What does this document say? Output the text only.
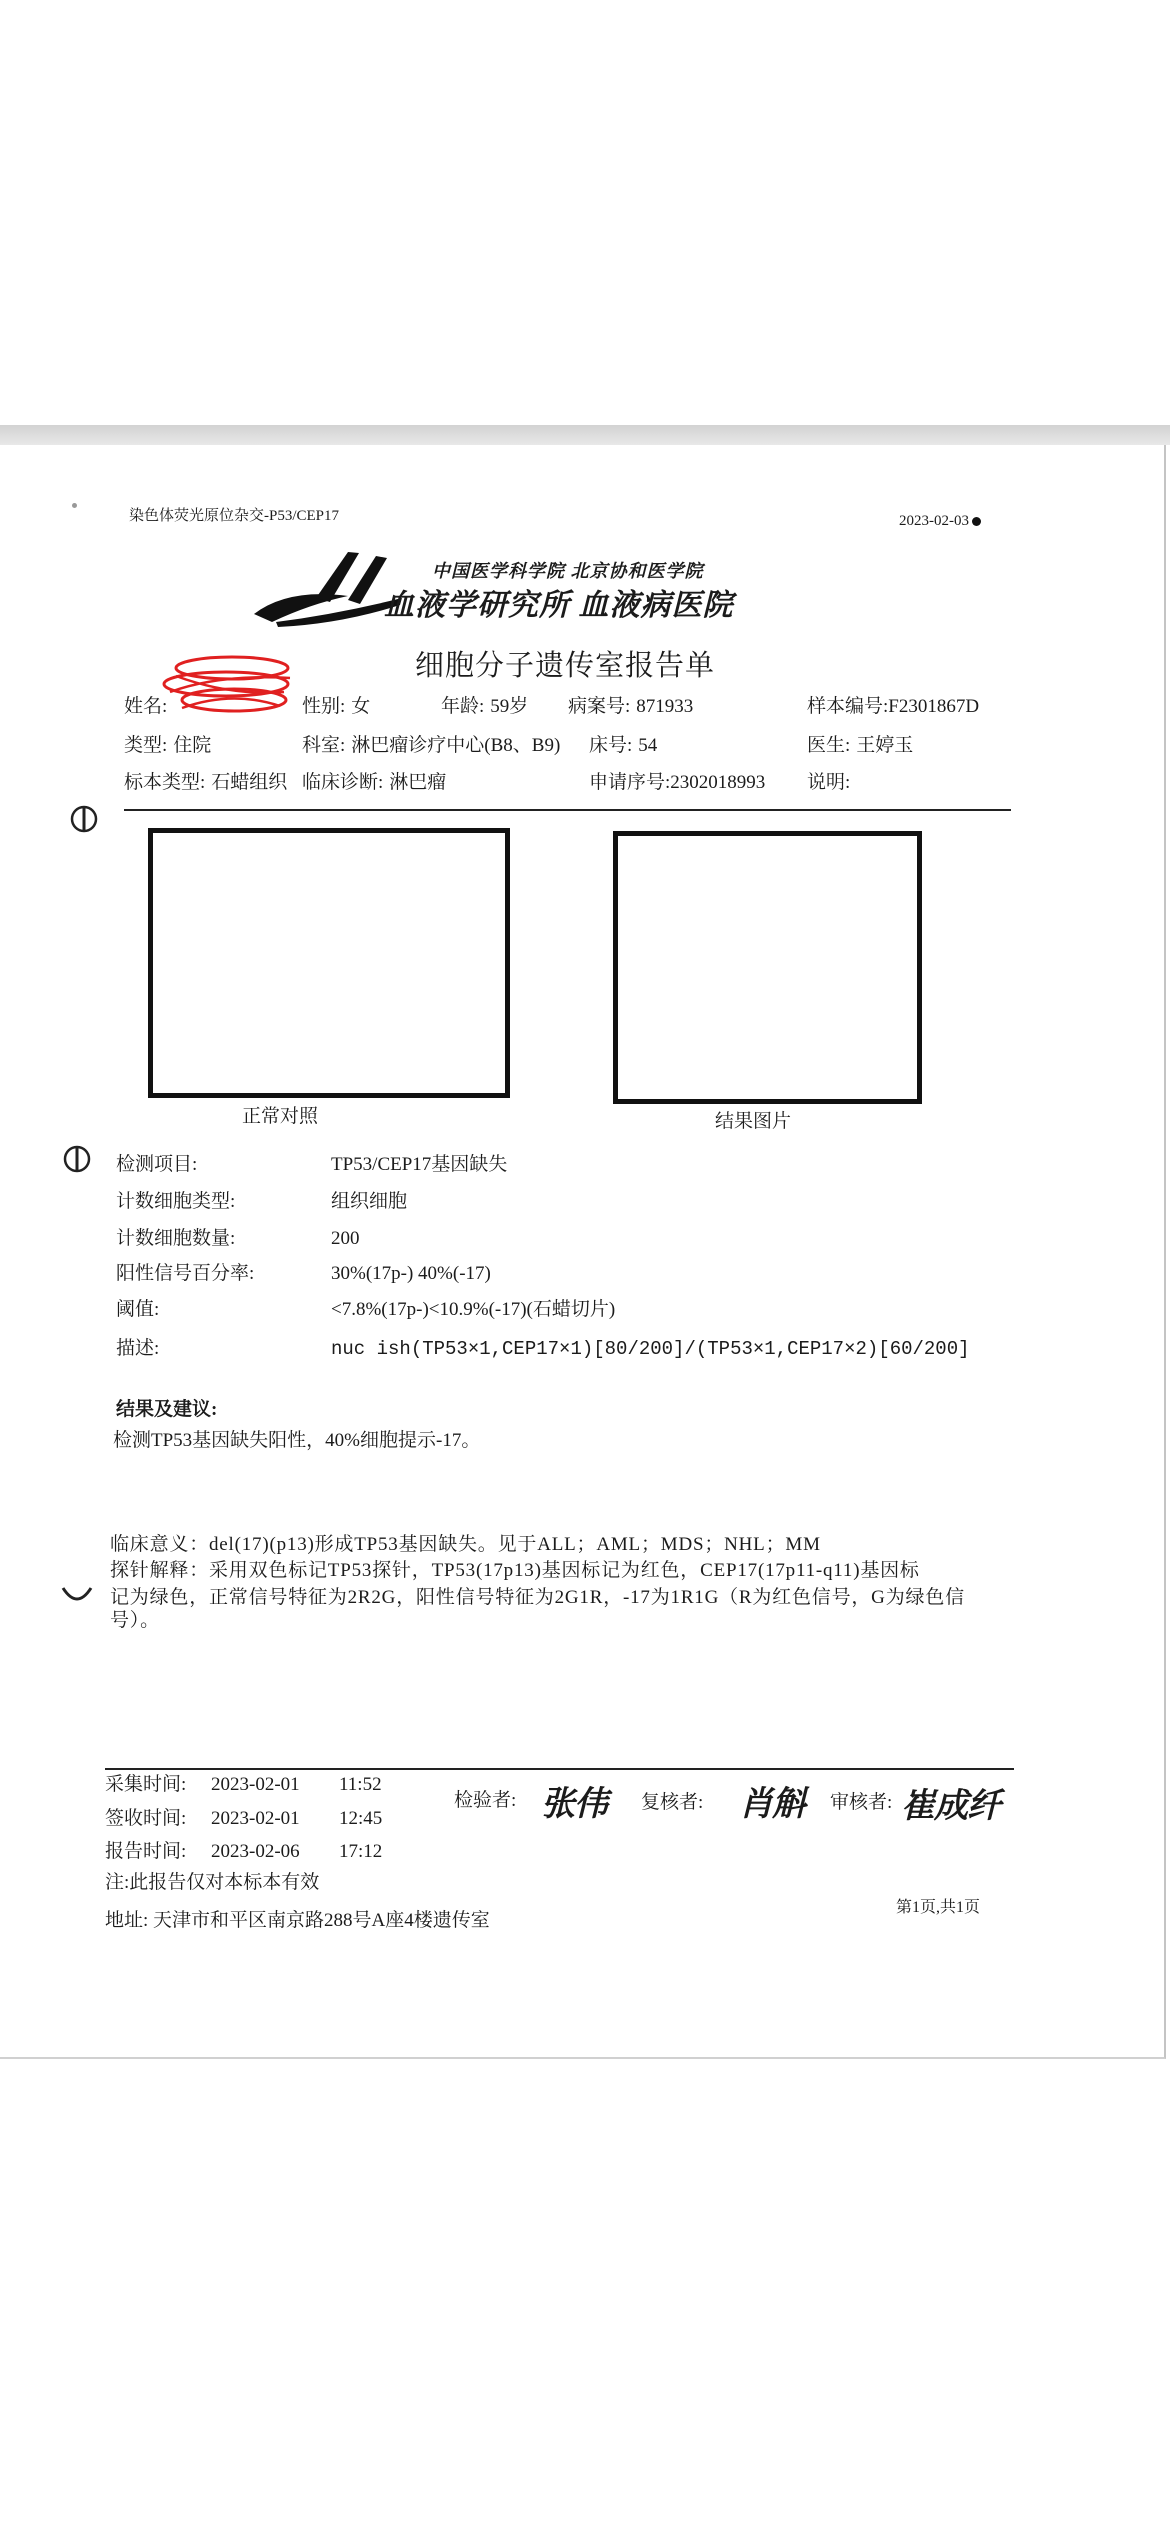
染色体荧光原位杂交-P53/CEP17	2023-02-03
中国医学科学院 北京协和医学院
血液学研究所 血液病医院
细胞分子遗传室报告单
姓名:	性别: 女	年龄: 59岁 病案号: 871933	样本编号:F2301867D
类型: 住院	科室: 淋巴瘤诊疗中心(B8、B9) 床号: 54	医生: 王婷玉
标本类型: 石蜡组织 临床诊断: 淋巴瘤	申请序号:2302018993 说明:
正常对照	结果图片
检测项目:	TP53/CEP17基因缺失
计数细胞类型:	组织细胞
计数细胞数量:	200
阳性信号百分率:	30%(17p-) 40%(-17)
阈值:	<7.8%(17p-)<10.9%(-17)(石蜡切片)
描述:	nuc ish(TP53×1,CEP17×1)[80/200]/(TP53×1,CEP17×2)[60/200]
结果及建议:
检测TP53基因缺失阳性，40%细胞提示-17。
临床意义：del(17)(p13)形成TP53基因缺失。见于ALL；AML；MDS；NHL；MM
探针解释：采用双色标记TP53探针，TP53(17p13)基因标记为红色，CEP17(17p11-q11)基因标
记为绿色，正常信号特征为2R2G，阳性信号特征为2G1R，-17为1R1G（R为红色信号，G为绿色信
号）。
采集时间: 2023-02-01 11:52
签收时间: 2023-02-01 12:45
报告时间: 2023-02-06 17:12
检验者: 张伟 复核者: 肖斛 审核者: 崔成纤
注:此报告仅对本标本有效
地址: 天津市和平区南京路288号A座4楼遗传室
第1页,共1页
